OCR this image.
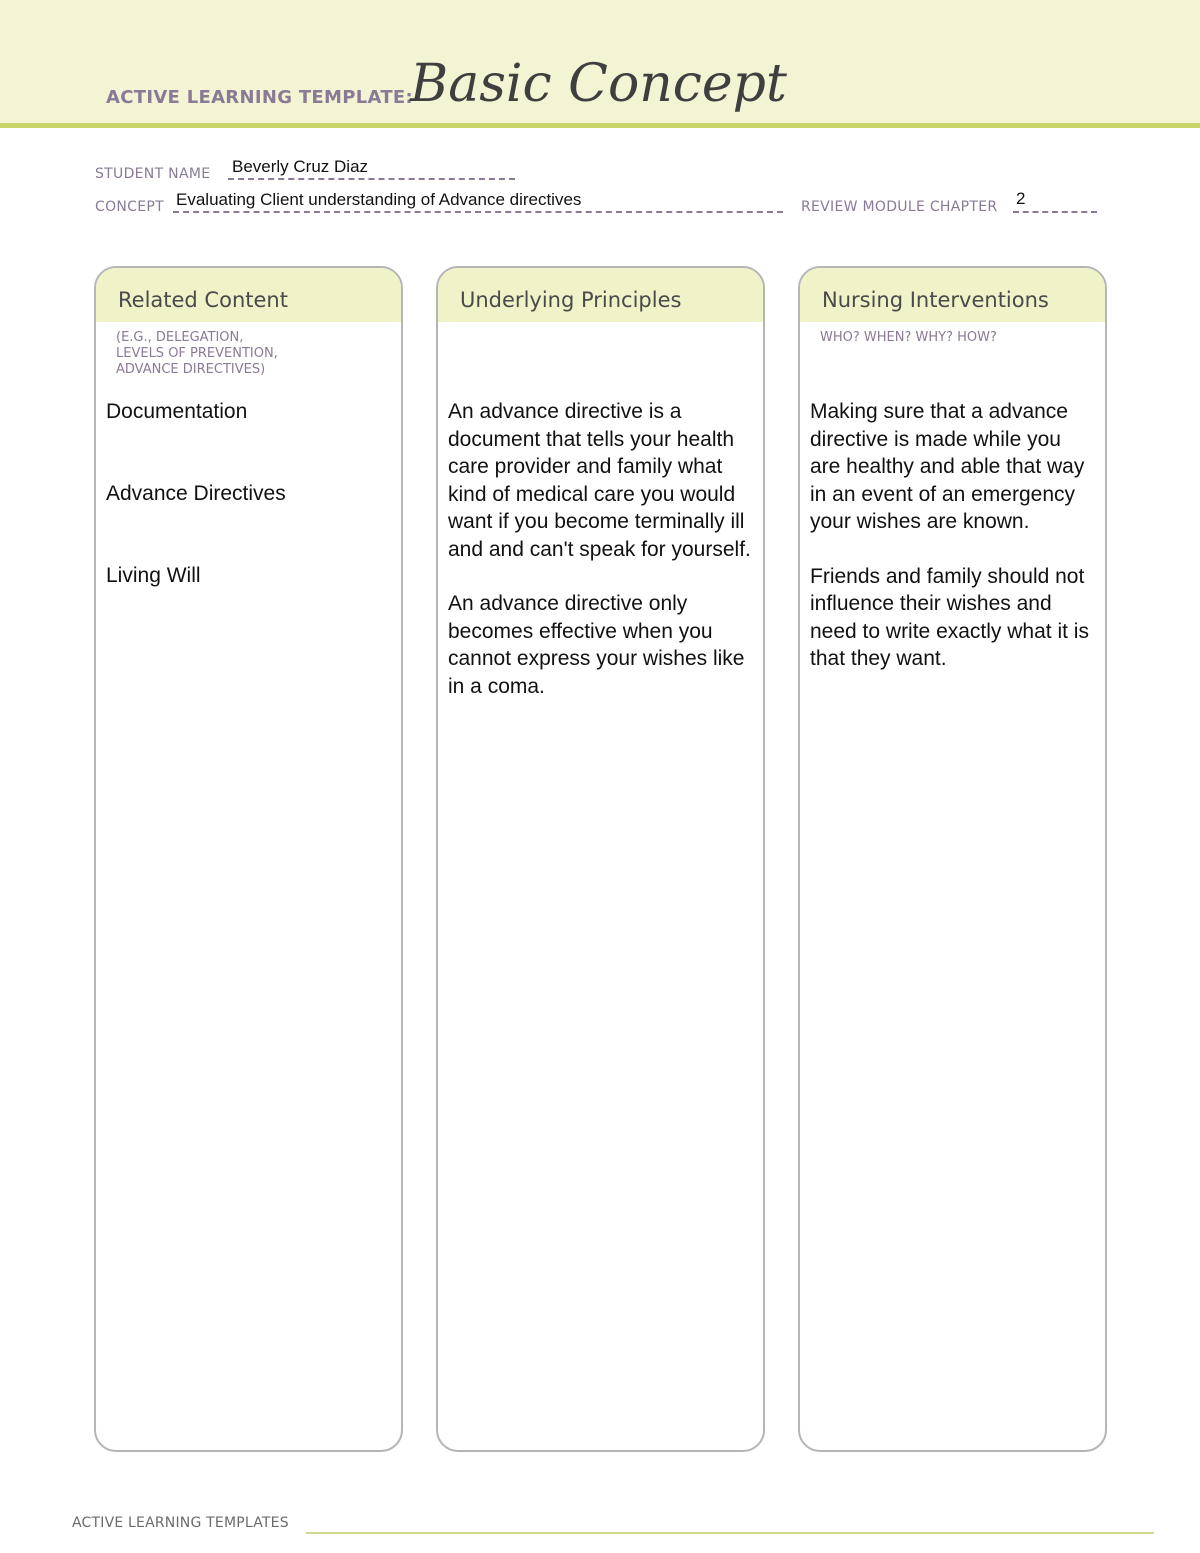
ACTIVE LEARNING TEMPLATE:
Basic Concept
STUDENT NAME Beverly Cruz Diaz
CONCEPT Evaluating Client understanding of Advance directives	REVIEW MODULE CHAPTER 2
Related Content
(E.G., DELEGATION,
LEVELS OF PREVENTION,
ADVANCE DIRECTIVES)

Documentation

Advance Directives

Living Will

Underlying Principles

An advance directive is a document that tells your health care provider and family what kind of medical care you would want if you become terminally ill and and can't speak for yourself.

An advance directive only becomes effective when you cannot express your wishes like in a coma.

Nursing Interventions
WHO? WHEN? WHY? HOW?

Making sure that a advance directive is made while you are healthy and able that way in an event of an emergency your wishes are known.

Friends and family should not influence their wishes and need to write exactly what it is that they want.

ACTIVE LEARNING TEMPLATES
